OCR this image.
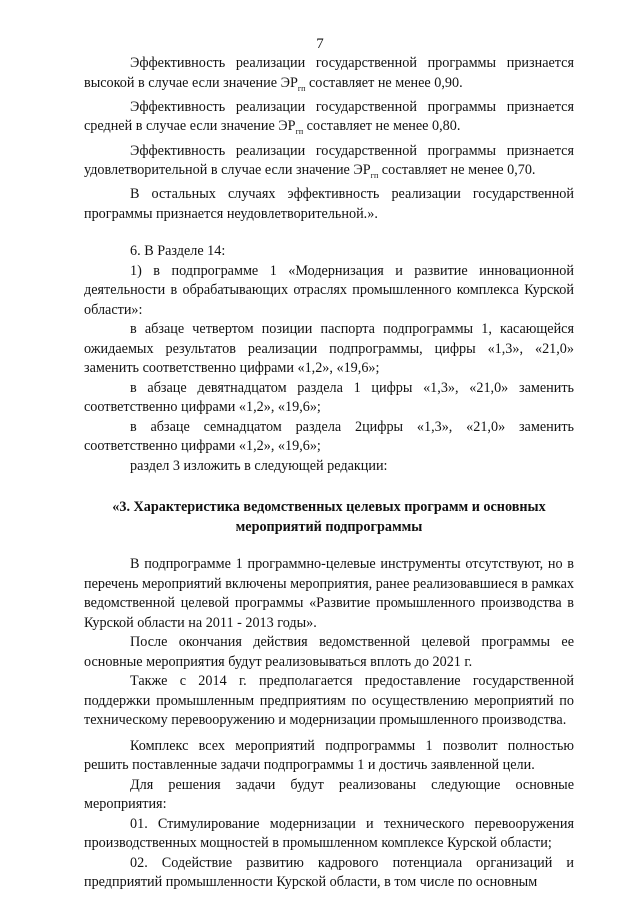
7

Эффективность реализации государственной программы признается высокой в случае если значение $ЭР_{гп}$ составляет не менее 0,90.

Эффективность реализации государственной программы признается средней в случае если значение $ЭР_{гп}$ составляет не менее 0,80.

Эффективность реализации государственной программы признается удовлетворительной в случае если значение $ЭР_{гп}$ составляет не менее 0,70.

В остальных случаях эффективность реализации государственной программы признается неудовлетворительной.».

6. В Разделе 14:

1) в подпрограмме 1 «Модернизация и развитие инновационной деятельности в обрабатывающих отраслях промышленного комплекса Курской области»:

в абзаце четвертом позиции паспорта подпрограммы 1, касающейся ожидаемых результатов реализации подпрограммы, цифры «1,3», «21,0» заменить соответственно цифрами «1,2», «19,6»;

в абзаце девятнадцатом раздела 1 цифры «1,3», «21,0» заменить соответственно цифрами «1,2», «19,6»;

в абзаце семнадцатом раздела 2цифры «1,3», «21,0» заменить соответственно цифрами «1,2», «19,6»;

раздел 3 изложить в следующей редакции:

«3. Характеристика ведомственных целевых программ и основных мероприятий подпрограммы

В подпрограмме 1 программно-целевые инструменты отсутствуют, но в перечень мероприятий включены мероприятия, ранее реализовавшиеся в рамках ведомственной целевой программы «Развитие промышленного производства в Курской области на 2011 - 2013 годы».

После окончания действия ведомственной целевой программы ее основные мероприятия будут реализовываться вплоть до 2021 г.

Также с 2014 г. предполагается предоставление государственной поддержки промышленным предприятиям по осуществлению мероприятий по техническому перевооружению и модернизации промышленного производства.

Комплекс всех мероприятий подпрограммы 1 позволит полностью решить поставленные задачи подпрограммы 1 и достичь заявленной цели.

Для решения задачи будут реализованы следующие основные мероприятия:

01. Стимулирование модернизации и технического перевооружения производственных мощностей в промышленном комплексе Курской области;

02. Содействие развитию кадрового потенциала организаций и предприятий промышленности Курской области, в том числе по основным
